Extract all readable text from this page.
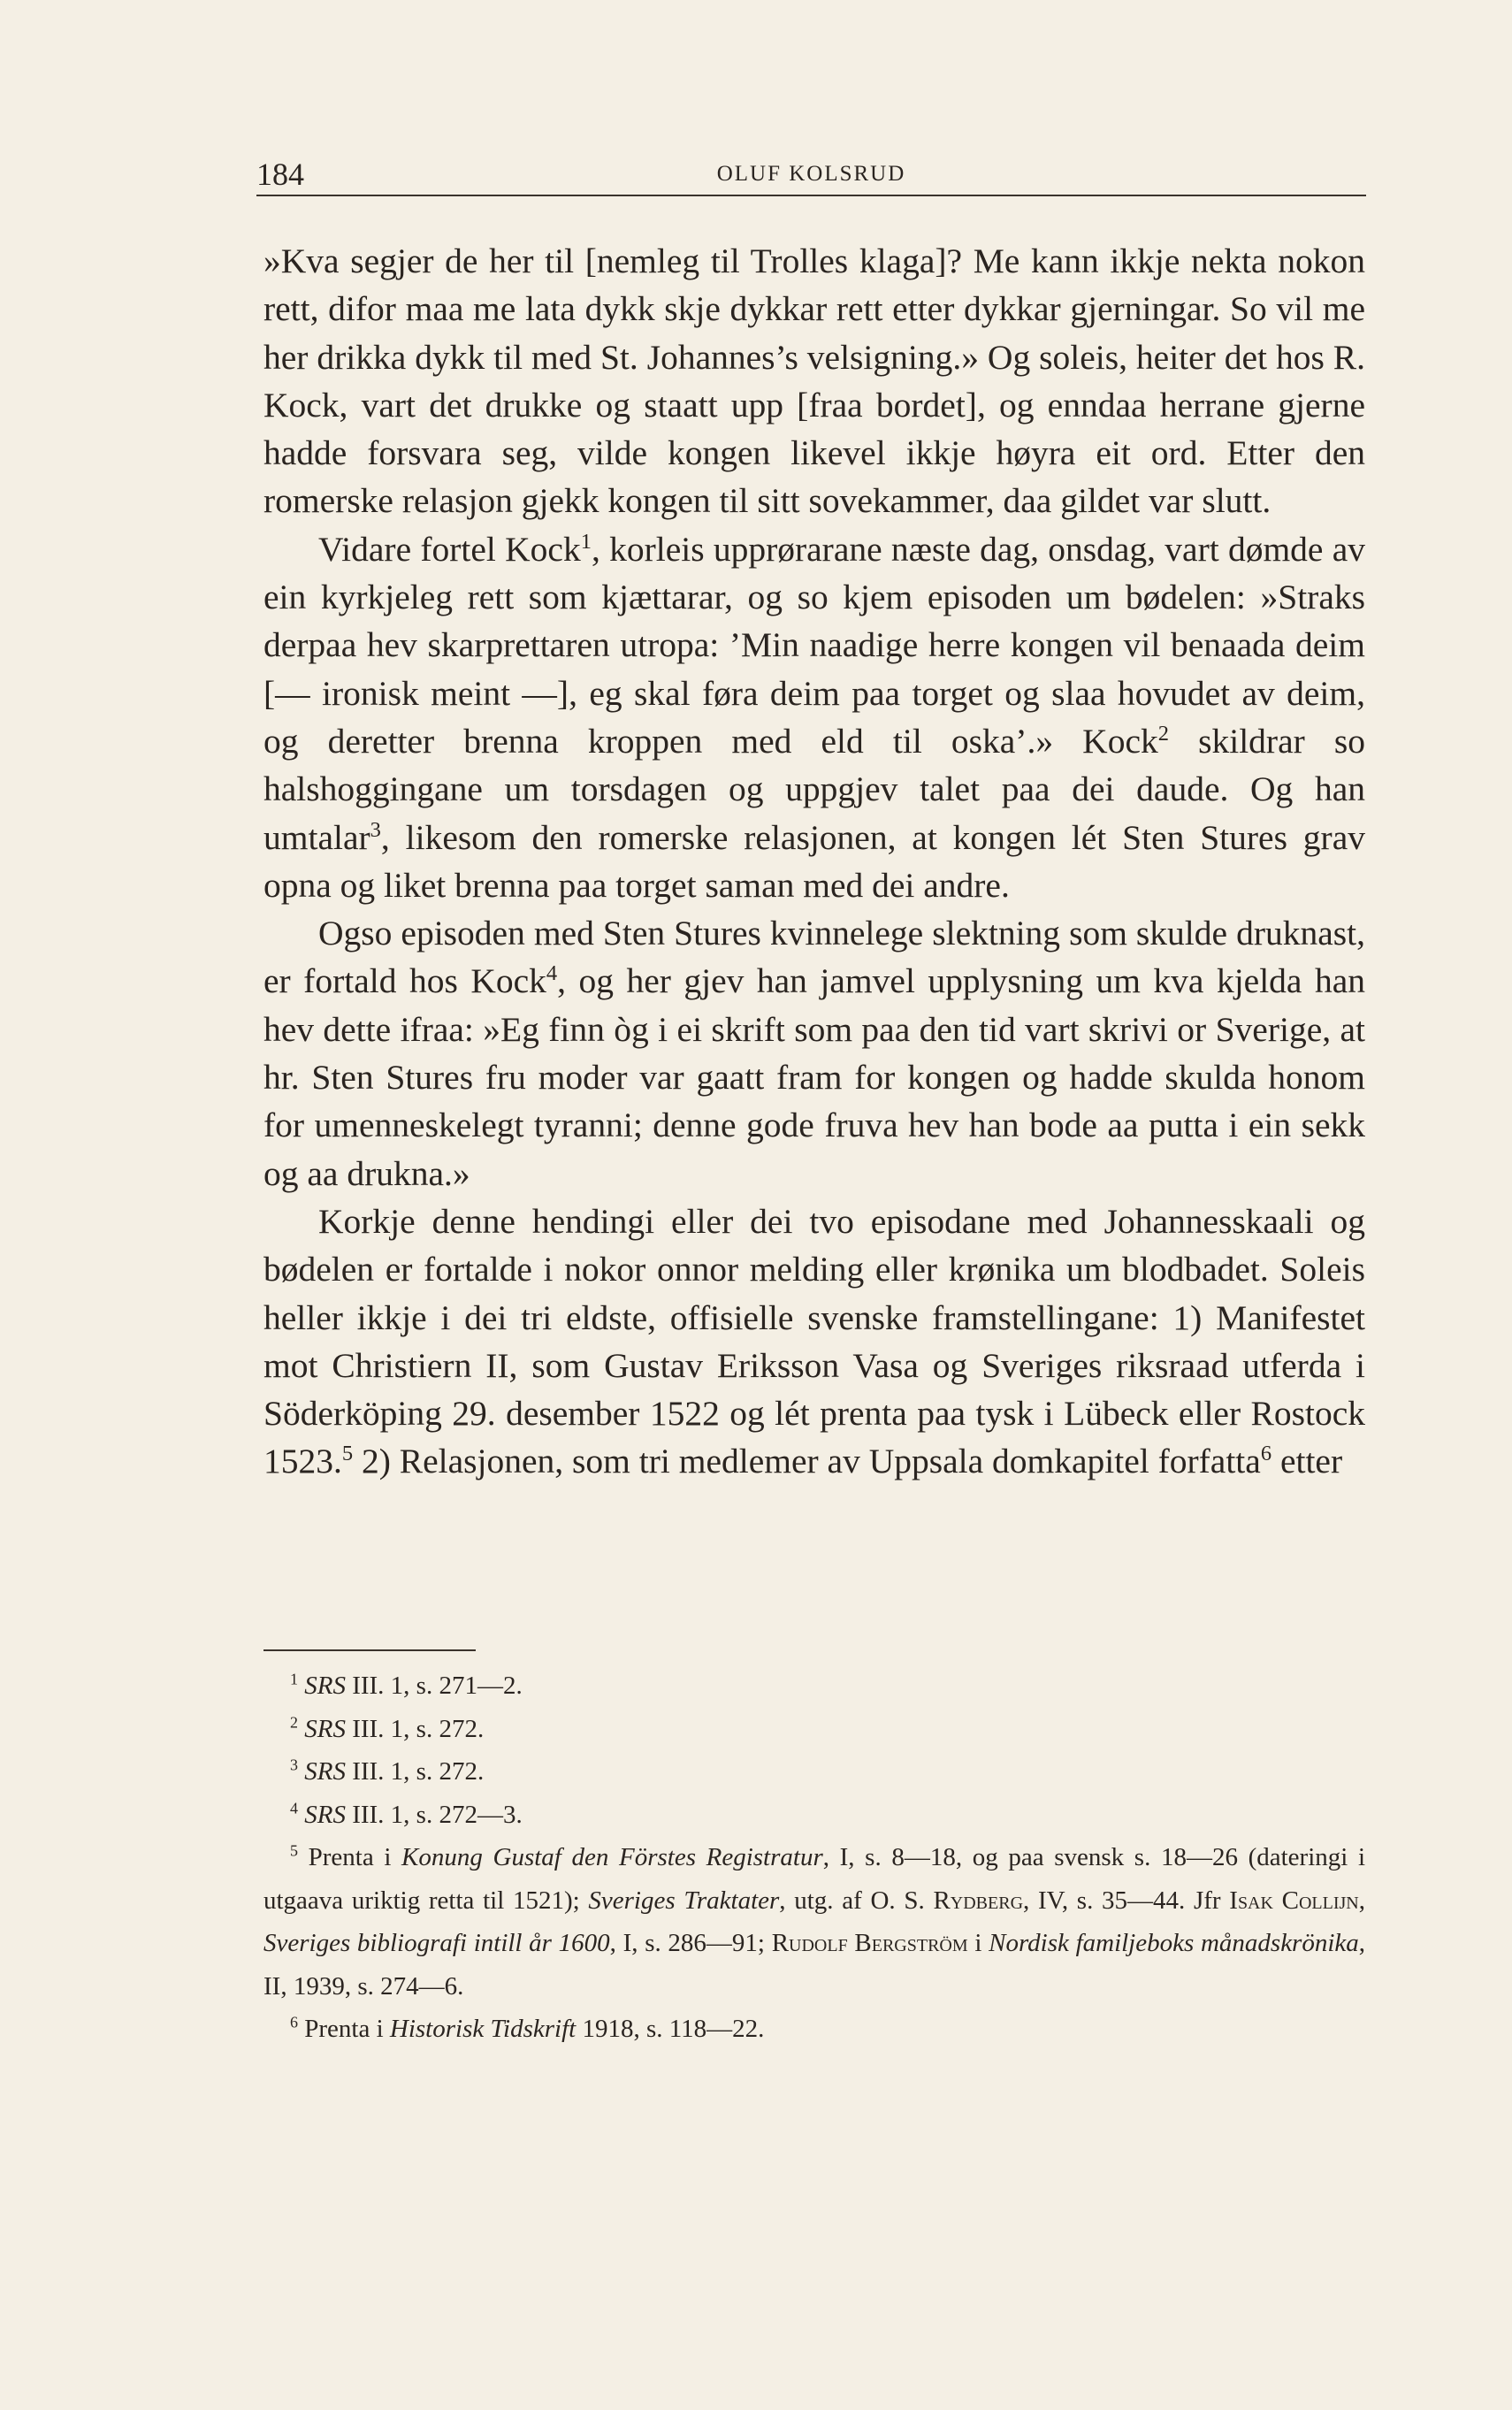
184	OLUF KOLSRUD

»Kva segjer de her til [nemleg til Trolles klaga]? Me kann ikkje nekta nokon rett, difor maa me lata dykk skje dykkar rett etter dykkar gjerningar. So vil me her drikka dykk til med St. Johannes’s velsigning.» Og soleis, heiter det hos R. Kock, vart det drukke og staatt upp [fraa bordet], og enndaa herrane gjerne hadde forsvara seg, vilde kongen likevel ikkje høyra eit ord. Etter den romerske relasjon gjekk kongen til sitt sovekammer, daa gildet var slutt.

Vidare fortel Kock$^1$, korleis upprørarane næste dag, onsdag, vart dømde av ein kyrkjeleg rett som kjættarar, og so kjem episoden um bødelen: »Straks derpaa hev skarprettaren utropa: ’Min naadige herre kongen vil benaada deim [— ironisk meint —], eg skal føra deim paa torget og slaa hovudet av deim, og deretter brenna kroppen med eld til oska’.» Kock$^2$ skildrar so halshoggingane um torsdagen og uppgjev talet paa dei daude. Og han umtalar$^3$, likesom den romerske relasjonen, at kongen lét Sten Stures grav opna og liket brenna paa torget saman med dei andre.

Ogso episoden med Sten Stures kvinnelege slektning som skulde druknast, er fortald hos Kock$^4$, og her gjev han jamvel upplysning um kva kjelda han hev dette ifraa: »Eg finn òg i ei skrift som paa den tid vart skrivi or Sverige, at hr. Sten Stures fru moder var gaatt fram for kongen og hadde skulda honom for umenneskelegt tyranni; denne gode fruva hev han bode aa putta i ein sekk og aa drukna.»

Korkje denne hendingi eller dei tvo episodane med Johannesskaali og bødelen er fortalde i nokor onnor melding eller krønika um blodbadet. Soleis heller ikkje i dei tri eldste, offisielle svenske framstellingane: 1) Manifestet mot Christiern II, som Gustav Eriksson Vasa og Sveriges riksraad utferda i Söderköping 29. desember 1522 og lét prenta paa tysk i Lübeck eller Rostock 1523.$^5$ 2) Relasjonen, som tri medlemer av Uppsala domkapitel forfatta$^6$ etter

$^1$ SRS III. 1, s. 271—2.

$^2$ SRS III. 1, s. 272.

$^3$ SRS III. 1, s. 272.

$^4$ SRS III. 1, s. 272—3.

$^5$ Prenta i Konung Gustaf den Förstes Registratur, I, s. 8—18, og paa svensk s. 18—26 (dateringi i utgaava uriktig retta til 1521); Sveriges Traktater, utg. af O. S. Rydberg, IV, s. 35—44. Jfr Isak Collijn, Sveriges bibliografi intill år 1600, I, s. 286—91; Rudolf Bergström i Nordisk familjeboks månadskrönika, II, 1939, s. 274—6.

$^6$ Prenta i Historisk Tidskrift 1918, s. 118—22.
